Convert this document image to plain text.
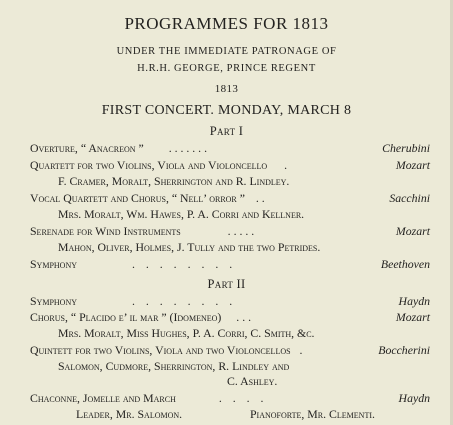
PROGRAMMES FOR 1813
UNDER THE IMMEDIATE PATRONAGE OF
H.R.H. GEORGE, PRINCE REGENT
1813
FIRST CONCERT. MONDAY, MARCH 8
Part I
Overture, “ Anacreon ” . . . . . . .	Cherubini
Quartett for two Violins, Viola and Violoncello .	Mozart
F. Cramer, Moralt, Sherrington and R. Lindley.
Vocal Quartett and Chorus, “ Nell’ orror ” . .	Sacchini
Mrs. Moralt, Wm. Hawes, P. A. Corri and Kellner.
Serenade for Wind Instruments	. . . . .	Mozart
Mahon, Oliver, Holmes, J. Tully and the two Petrides.
Symphony	. . . . . . . .	Beethoven
Part II
Symphony	. . . . . . . .	Haydn
Chorus, “ Placido e’ il mar ” (Idomeneo) . . .	Mozart
Mrs. Moralt, Miss Hughes, P. A. Corri, C. Smith, &c.
Quintett for two Violins, Viola and two Violoncellos .	Boccherini
Salomon, Cudmore, Sherrington, R. Lindley and
C. Ashley.
Chaconne, Jomelle and March	. . . .	Haydn
Leader, Mr. Salomon.	Pianoforte, Mr. Clementi.
